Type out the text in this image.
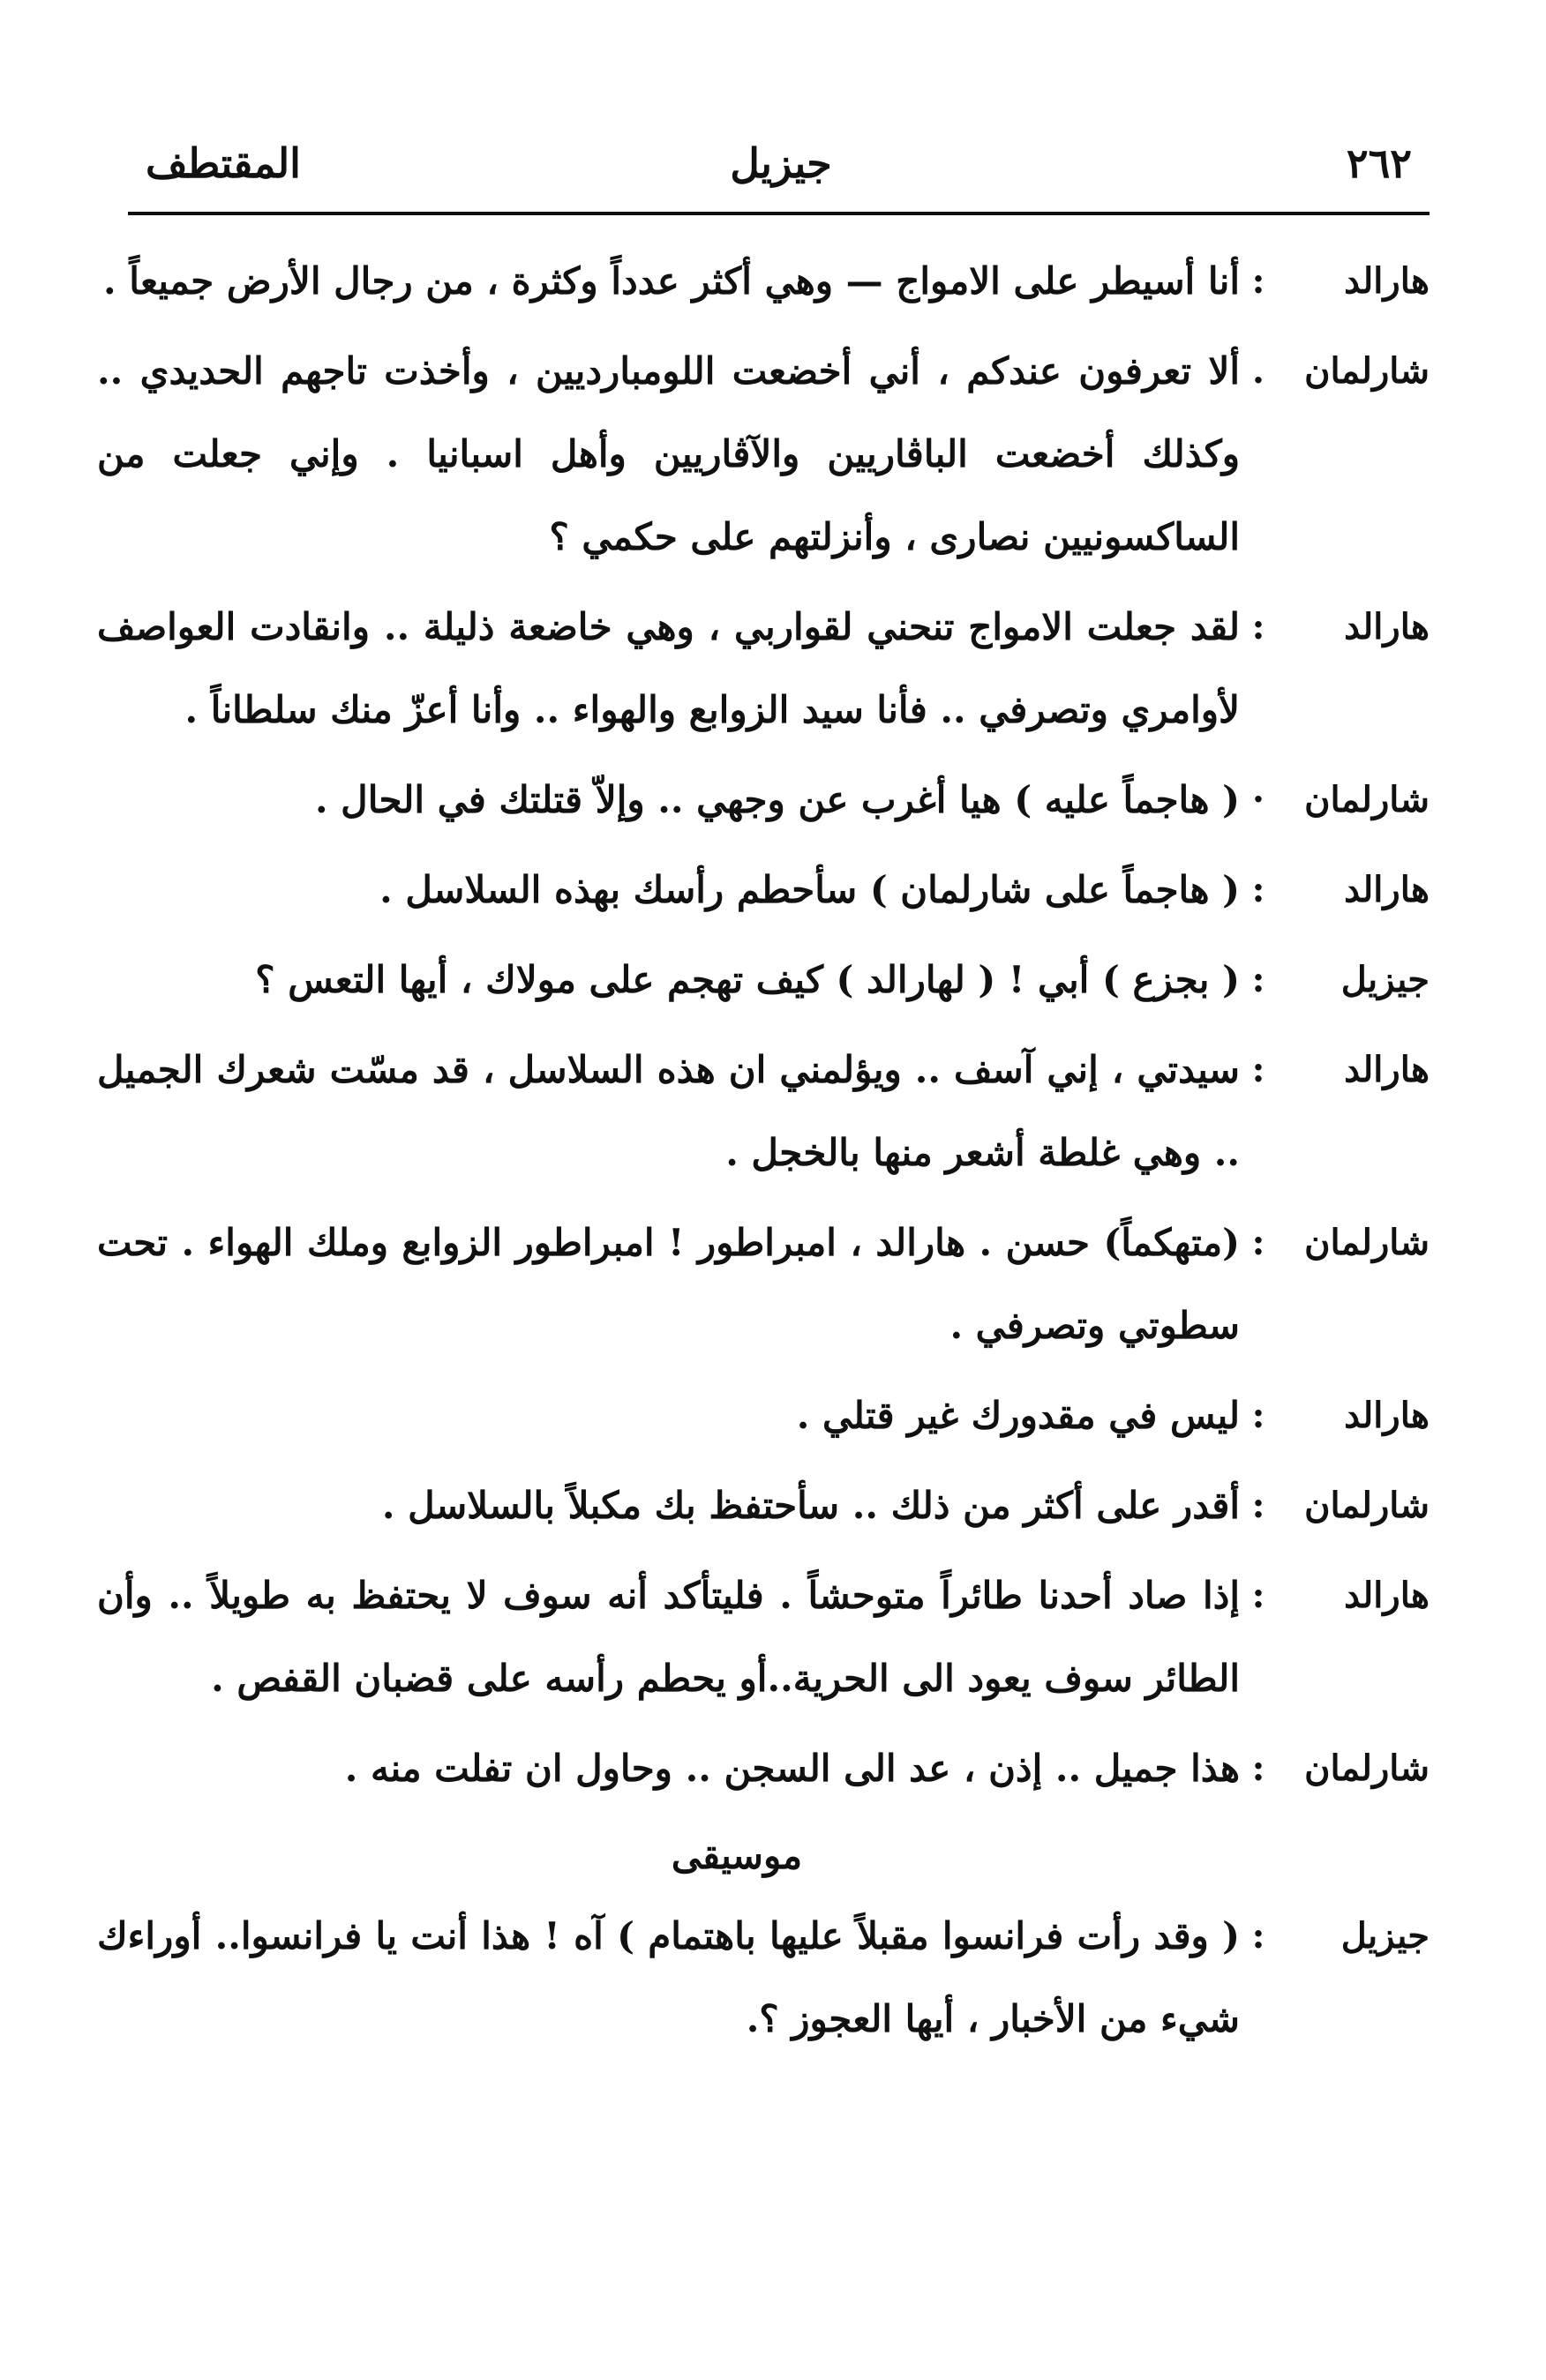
٢٦٢
جيزيل
المقتطف
هارالد
:
أنا أسيطر على الامواج — وهي أكثر عدداً وكثرة ، من رجال الأرض جميعاً .
شارلمان
.
ألا تعرفون عندكم ، أني أخضعت اللومبارديين ، وأخذت تاجهم الحديدي .. وكذلك أخضعت الباڤاريين والآڤاريين وأهل اسبانيا . وإني جعلت من الساكسونيين نصارى ، وأنزلتهم على حكمي ؟
هارالد
:
لقد جعلت الامواج تنحني لقواربي ، وهي خاضعة ذليلة .. وانقادت العواصف لأوامري وتصرفي .. فأنا سيد الزوابع والهواء .. وأنا أعزّ منك سلطاناً .
شارلمان
·
( هاجماً عليه ) هيا أغرب عن وجهي .. وإلاّ قتلتك في الحال .
هارالد
:
( هاجماً على شارلمان ) سأحطم رأسك بهذه السلاسل .
جيزيل
:
( بجزع ) أبي ! ( لهارالد ) كيف تهجم على مولاك ، أيها التعس ؟
هارالد
:
سيدتي ، إني آسف .. ويؤلمني ان هذه السلاسل ، قد مسّت شعرك الجميل .. وهي غلطة أشعر منها بالخجل .
شارلمان
:
(متهكماً) حسن . هارالد ، امبراطور ! امبراطور الزوابع وملك الهواء . تحت سطوتي وتصرفي .
هارالد
:
ليس في مقدورك غير قتلي .
شارلمان
:
أقدر على أكثر من ذلك .. سأحتفظ بك مكبلاً بالسلاسل .
هارالد
:
إذا صاد أحدنا طائراً متوحشاً . فليتأكد أنه سوف لا يحتفظ به طويلاً .. وأن الطائر سوف يعود الى الحرية..أو يحطم رأسه على قضبان القفص .
شارلمان
:
هذا جميل .. إذن ، عد الى السجن .. وحاول ان تفلت منه .
موسيقى
جيزيل
:
( وقد رأت فرانسوا مقبلاً عليها باهتمام ) آه ! هذا أنت يا فرانسوا.. أوراءك شيء من الأخبار ، أيها العجوز ؟.
